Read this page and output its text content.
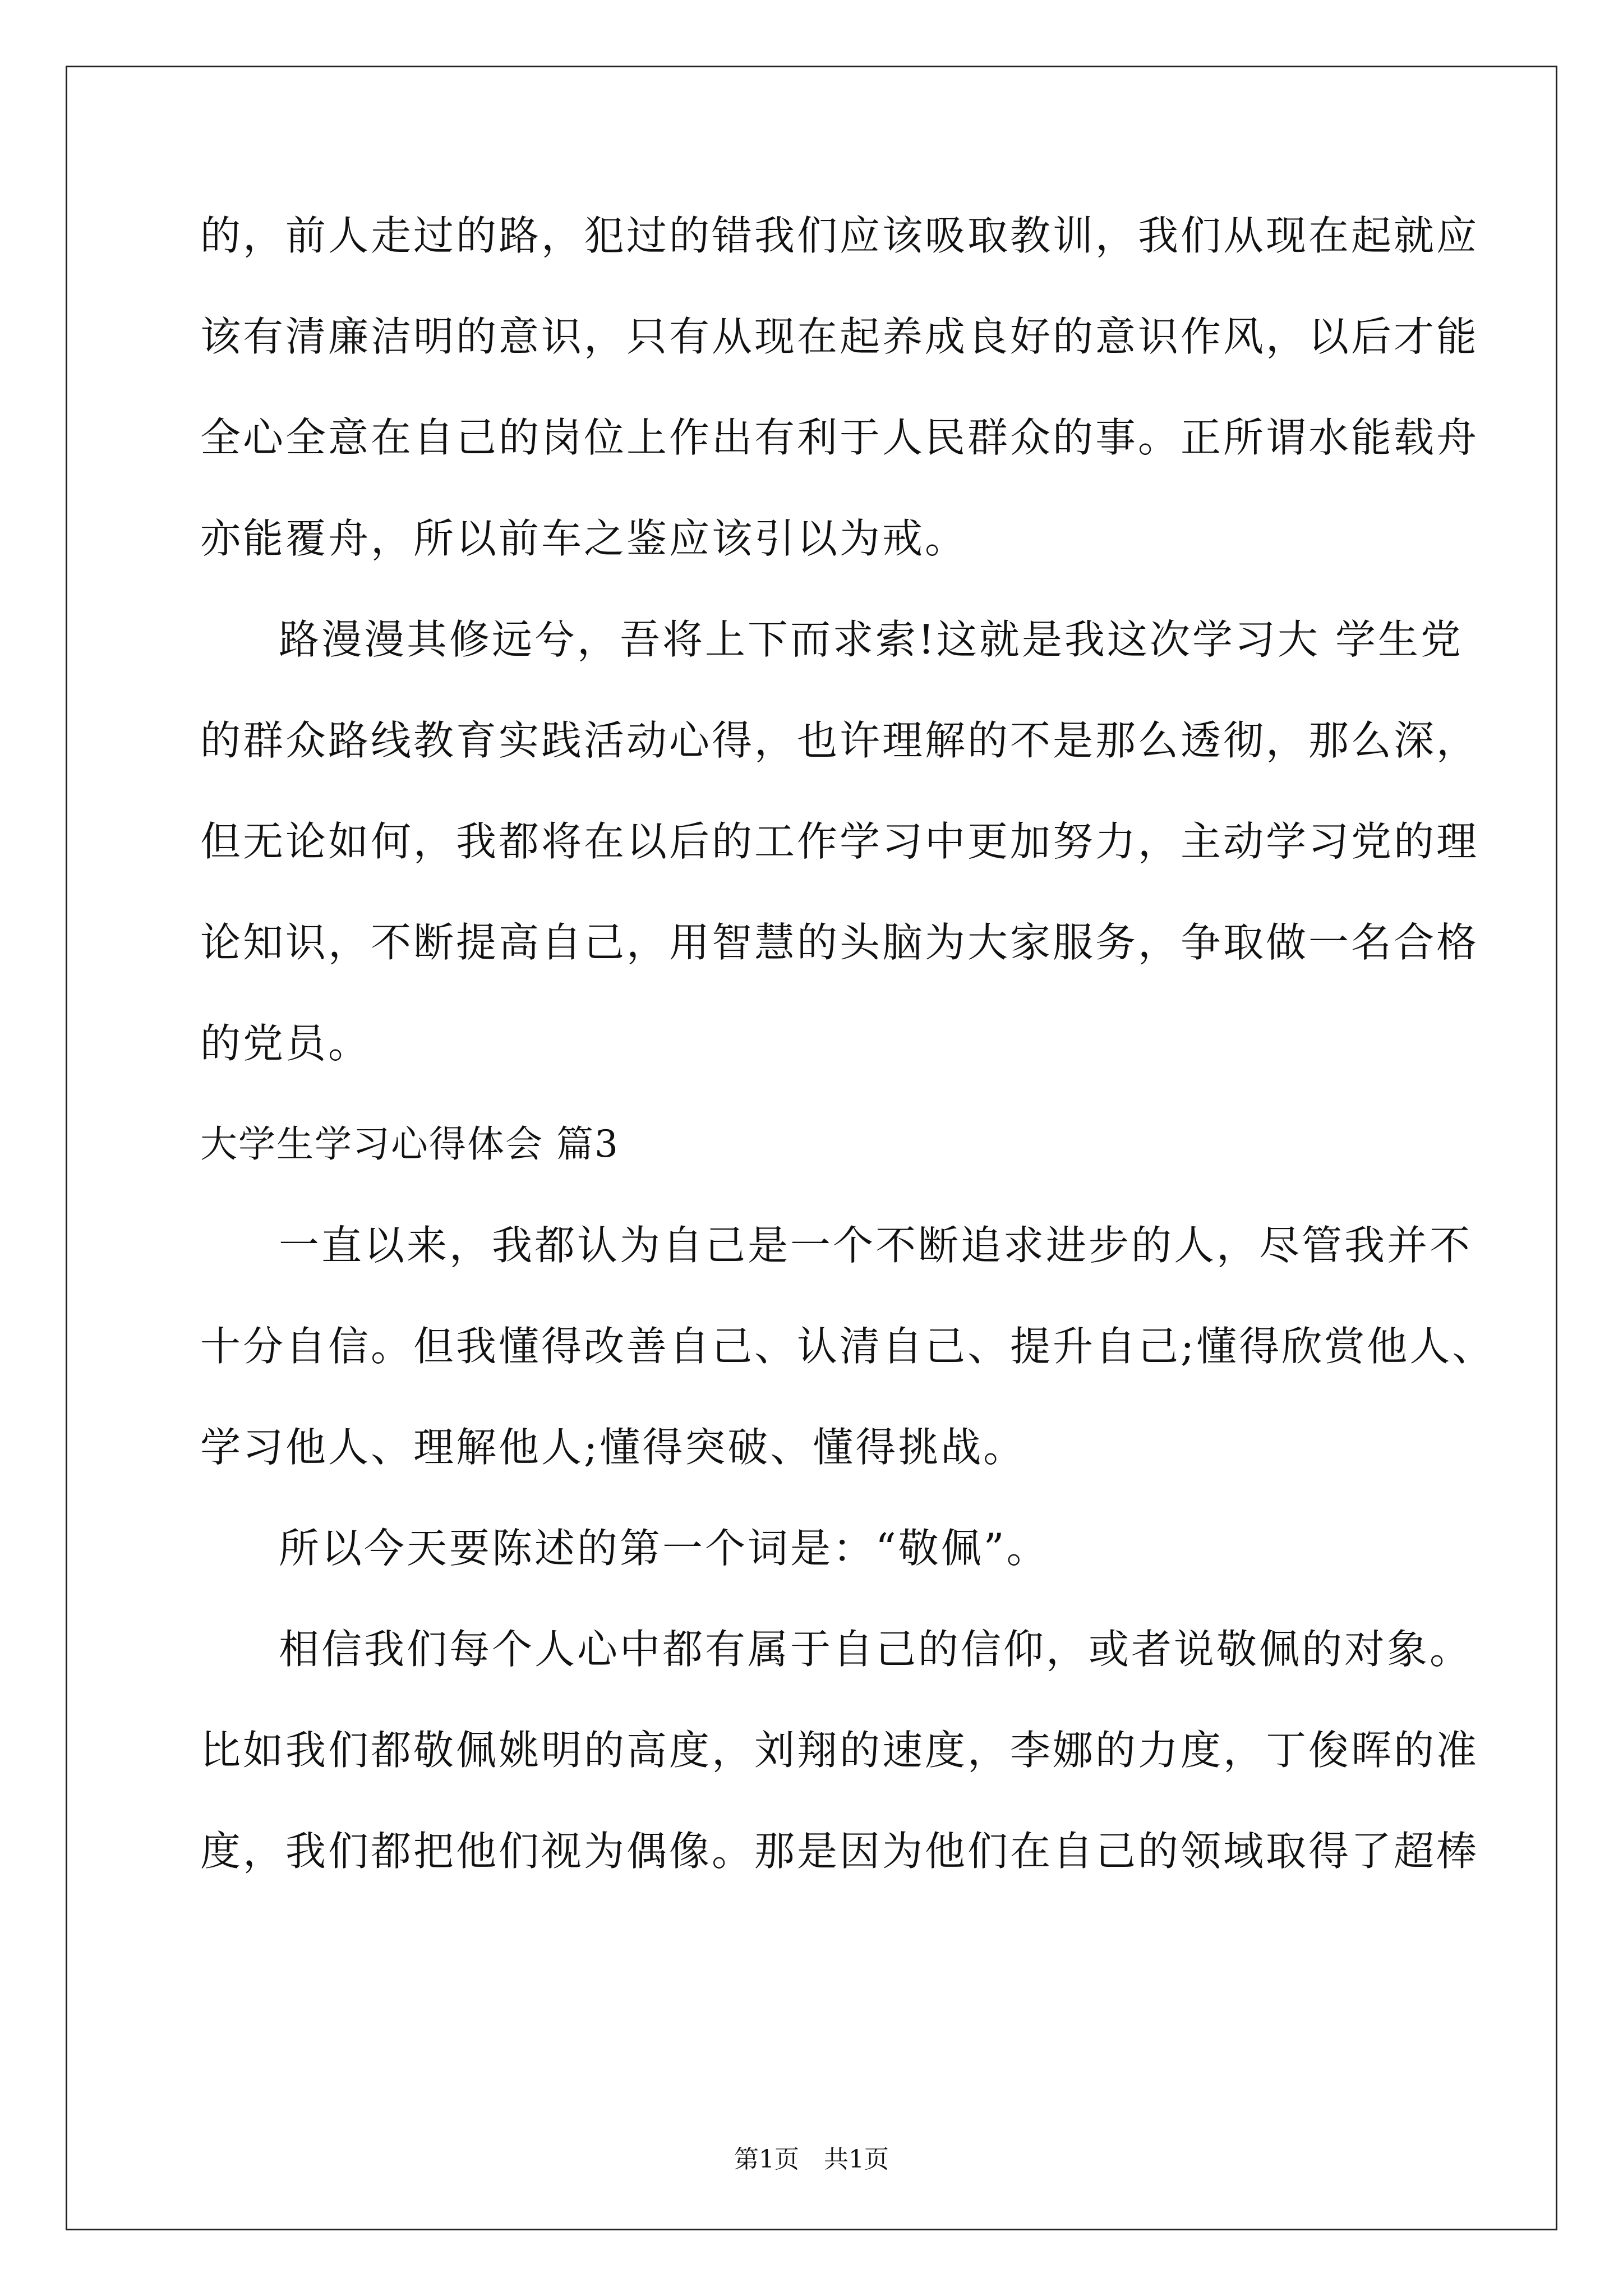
的，前人走过的路，犯过的错我们应该吸取教训，我们从现在起就应
该有清廉洁明的意识，只有从现在起养成良好的意识作风，以后才能
全心全意在自己的岗位上作出有利于人民群众的事。正所谓水能载舟
亦能覆舟，所以前车之鉴应该引以为戒。
路漫漫其修远兮，吾将上下而求索!这就是我这次学习大 学生党
的群众路线教育实践活动心得，也许理解的不是那么透彻，那么深，
但无论如何，我都将在以后的工作学习中更加努力，主动学习党的理
论知识，不断提高自己，用智慧的头脑为大家服务，争取做一名合格
的党员。
大学生学习心得体会 篇3
一直以来，我都认为自己是一个不断追求进步的人，尽管我并不
十分自信。但我懂得改善自己、认清自己、提升自己;懂得欣赏他人、
学习他人、理解他人;懂得突破、懂得挑战。
所以今天要陈述的第一个词是：“敬佩”。
相信我们每个人心中都有属于自己的信仰，或者说敬佩的对象。
比如我们都敬佩姚明的高度，刘翔的速度，李娜的力度，丁俊晖的准
度，我们都把他们视为偶像。那是因为他们在自己的领域取得了超棒
第1页　共1页
